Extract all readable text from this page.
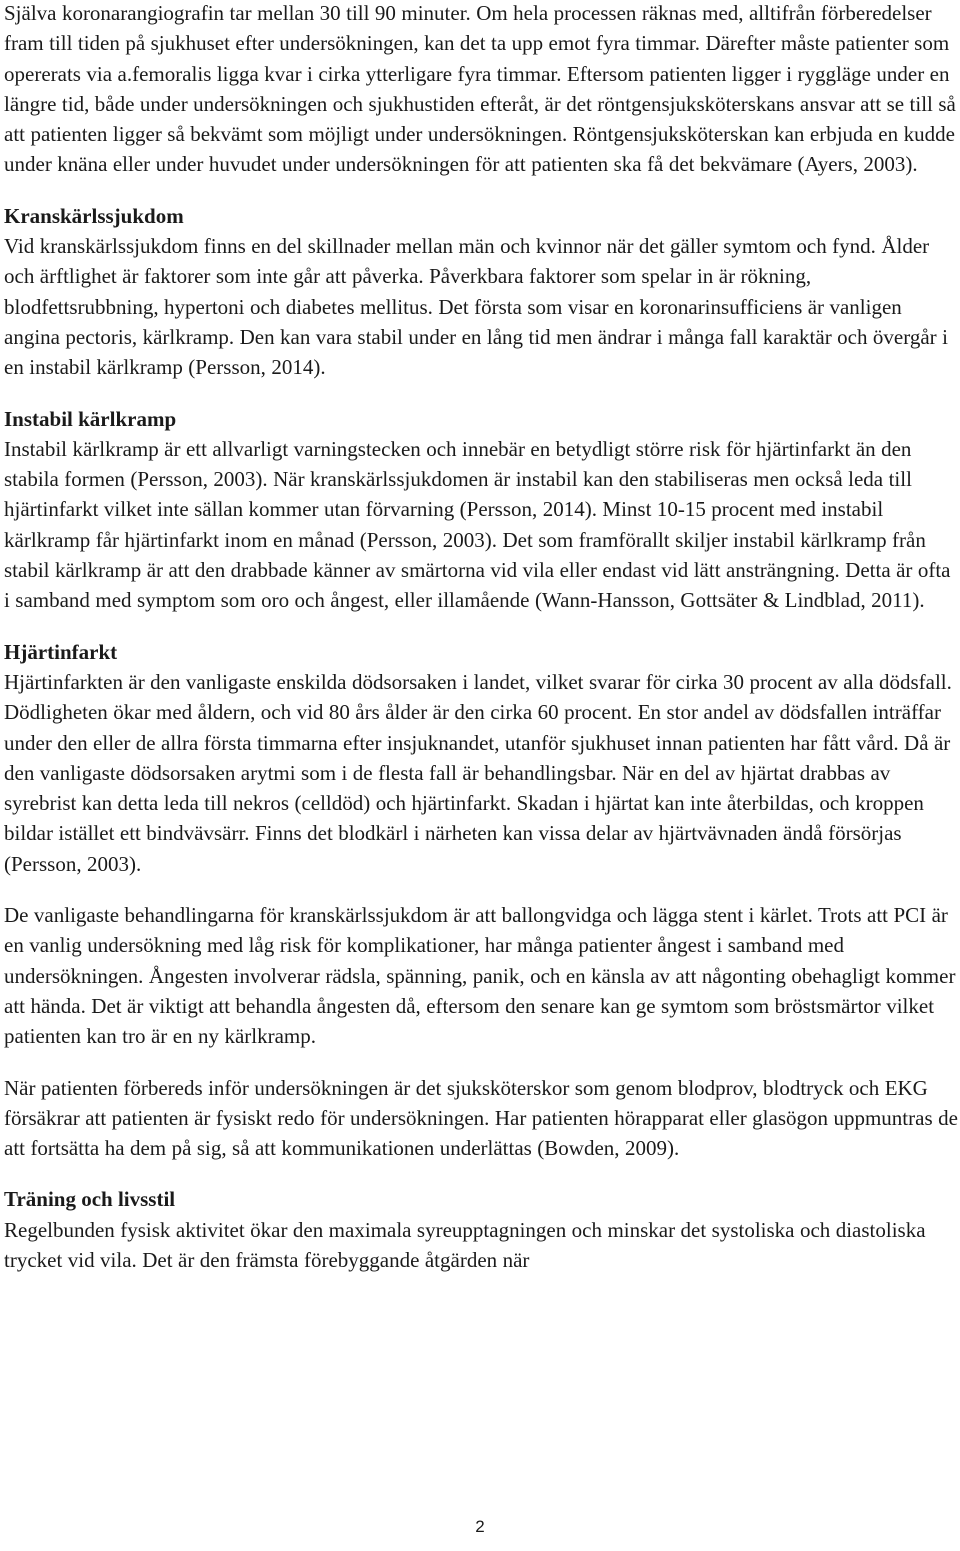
Själva koronarangiografin tar mellan 30 till 90 minuter. Om hela processen räknas med, alltifrån förberedelser fram till tiden på sjukhuset efter undersökningen, kan det ta upp emot fyra timmar. Därefter måste patienter som opererats via a.femoralis ligga kvar i cirka ytterligare fyra timmar. Eftersom patienten ligger i ryggläge under en längre tid, både under undersökningen och sjukhustiden efteråt, är det röntgensjuksköterskans ansvar att se till så att patienten ligger så bekvämt som möjligt under undersökningen. Röntgensjuksköterskan kan erbjuda en kudde under knäna eller under huvudet under undersökningen för att patienten ska få det bekvämare (Ayers, 2003).

Kranskärlssjukdom

Vid kranskärlssjukdom finns en del skillnader mellan män och kvinnor när det gäller symtom och fynd. Ålder och ärftlighet är faktorer som inte går att påverka. Påverkbara faktorer som spelar in är rökning, blodfettsrubbning, hypertoni och diabetes mellitus. Det första som visar en koronarinsufficiens är vanligen angina pectoris, kärlkramp. Den kan vara stabil under en lång tid men ändrar i många fall karaktär och övergår i en instabil kärlkramp (Persson, 2014).

Instabil kärlkramp

Instabil kärlkramp är ett allvarligt varningstecken och innebär en betydligt större risk för hjärtinfarkt än den stabila formen (Persson, 2003). När kranskärlssjukdomen är instabil kan den stabiliseras men också leda till hjärtinfarkt vilket inte sällan kommer utan förvarning (Persson, 2014). Minst 10-15 procent med instabil kärlkramp får hjärtinfarkt inom en månad (Persson, 2003). Det som framförallt skiljer instabil kärlkramp från stabil kärlkramp är att den drabbade känner av smärtorna vid vila eller endast vid lätt ansträngning. Detta är ofta i samband med symptom som oro och ångest, eller illamående (Wann-Hansson, Gottsäter & Lindblad, 2011).

Hjärtinfarkt

Hjärtinfarkten är den vanligaste enskilda dödsorsaken i landet, vilket svarar för cirka 30 procent av alla dödsfall. Dödligheten ökar med åldern, och vid 80 års ålder är den cirka 60 procent. En stor andel av dödsfallen inträffar under den eller de allra första timmarna efter insjuknandet, utanför sjukhuset innan patienten har fått vård. Då är den vanligaste dödsorsaken arytmi som i de flesta fall är behandlingsbar. När en del av hjärtat drabbas av syrebrist kan detta leda till nekros (celldöd) och hjärtinfarkt. Skadan i hjärtat kan inte återbildas, och kroppen bildar istället ett bindvävsärr. Finns det blodkärl i närheten kan vissa delar av hjärtvävnaden ändå försörjas (Persson, 2003).

De vanligaste behandlingarna för kranskärlssjukdom är att ballongvidga och lägga stent i kärlet. Trots att PCI är en vanlig undersökning med låg risk för komplikationer, har många patienter ångest i samband med undersökningen. Ångesten involverar rädsla, spänning, panik, och en känsla av att någonting obehagligt kommer att hända. Det är viktigt att behandla ångesten då, eftersom den senare kan ge symtom som bröstsmärtor vilket patienten kan tro är en ny kärlkramp.

När patienten förbereds inför undersökningen är det sjuksköterskor som genom blodprov, blodtryck och EKG försäkrar att patienten är fysiskt redo för undersökningen. Har patienten hörapparat eller glasögon uppmuntras de att fortsätta ha dem på sig, så att kommunikationen underlättas (Bowden, 2009).

Träning och livsstil

Regelbunden fysisk aktivitet ökar den maximala syreupptagningen och minskar det systoliska och diastoliska trycket vid vila. Det är den främsta förebyggande åtgärden när

2
